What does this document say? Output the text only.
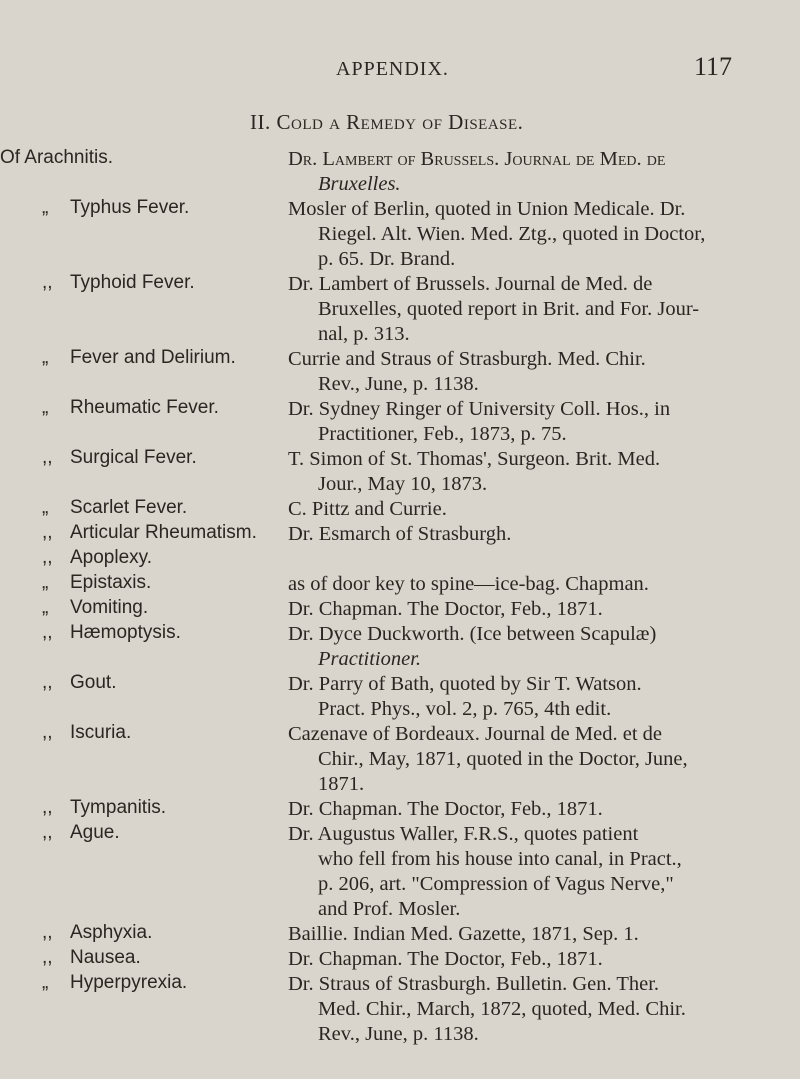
APPENDIX.	117
II. Cold a Remedy of Disease.
Of Arachnitis.	Dr. Lambert of Brussels. Journal de Med. de

Bruxelles.

„ Typhus Fever.	Mosler of Berlin, quoted in Union Medicale. Dr.

Riegel. Alt. Wien. Med. Ztg., quoted in Doctor,

p. 65. Dr. Brand.

,, Typhoid Fever.	Dr. Lambert of Brussels. Journal de Med. de

Bruxelles, quoted report in Brit. and For. Jour-

nal, p. 313.

„ Fever and Delirium.	Currie and Straus of Strasburgh. Med. Chir.

Rev., June, p. 1138.

„ Rheumatic Fever.	Dr. Sydney Ringer of University Coll. Hos., in

Practitioner, Feb., 1873, p. 75.

,, Surgical Fever.	T. Simon of St. Thomas', Surgeon. Brit. Med.

Jour., May 10, 1873.

„ Scarlet Fever.	C. Pittz and Currie.

,, Articular Rheumatism.	Dr. Esmarch of Strasburgh.

,, Apoplexy.
„ Epistaxis.	as of door key to spine—ice-bag. Chapman.

„ Vomiting.	Dr. Chapman. The Doctor, Feb., 1871.

,, Hæmoptysis.	Dr. Dyce Duckworth. (Ice between Scapulæ)

Practitioner.

,, Gout.	Dr. Parry of Bath, quoted by Sir T. Watson.

Pract. Phys., vol. 2, p. 765, 4th edit.

,, Iscuria.	Cazenave of Bordeaux. Journal de Med. et de

Chir., May, 1871, quoted in the Doctor, June,

1871.

,, Tympanitis.	Dr. Chapman. The Doctor, Feb., 1871.

,, Ague.	Dr. Augustus Waller, F.R.S., quotes patient

who fell from his house into canal, in Pract.,

p. 206, art. "Compression of Vagus Nerve,"

and Prof. Mosler.

,, Asphyxia.	Baillie. Indian Med. Gazette, 1871, Sep. 1.

,, Nausea.	Dr. Chapman. The Doctor, Feb., 1871.

„ Hyperpyrexia.	Dr. Straus of Strasburgh. Bulletin. Gen. Ther.

Med. Chir., March, 1872, quoted, Med. Chir.

Rev., June, p. 1138.
